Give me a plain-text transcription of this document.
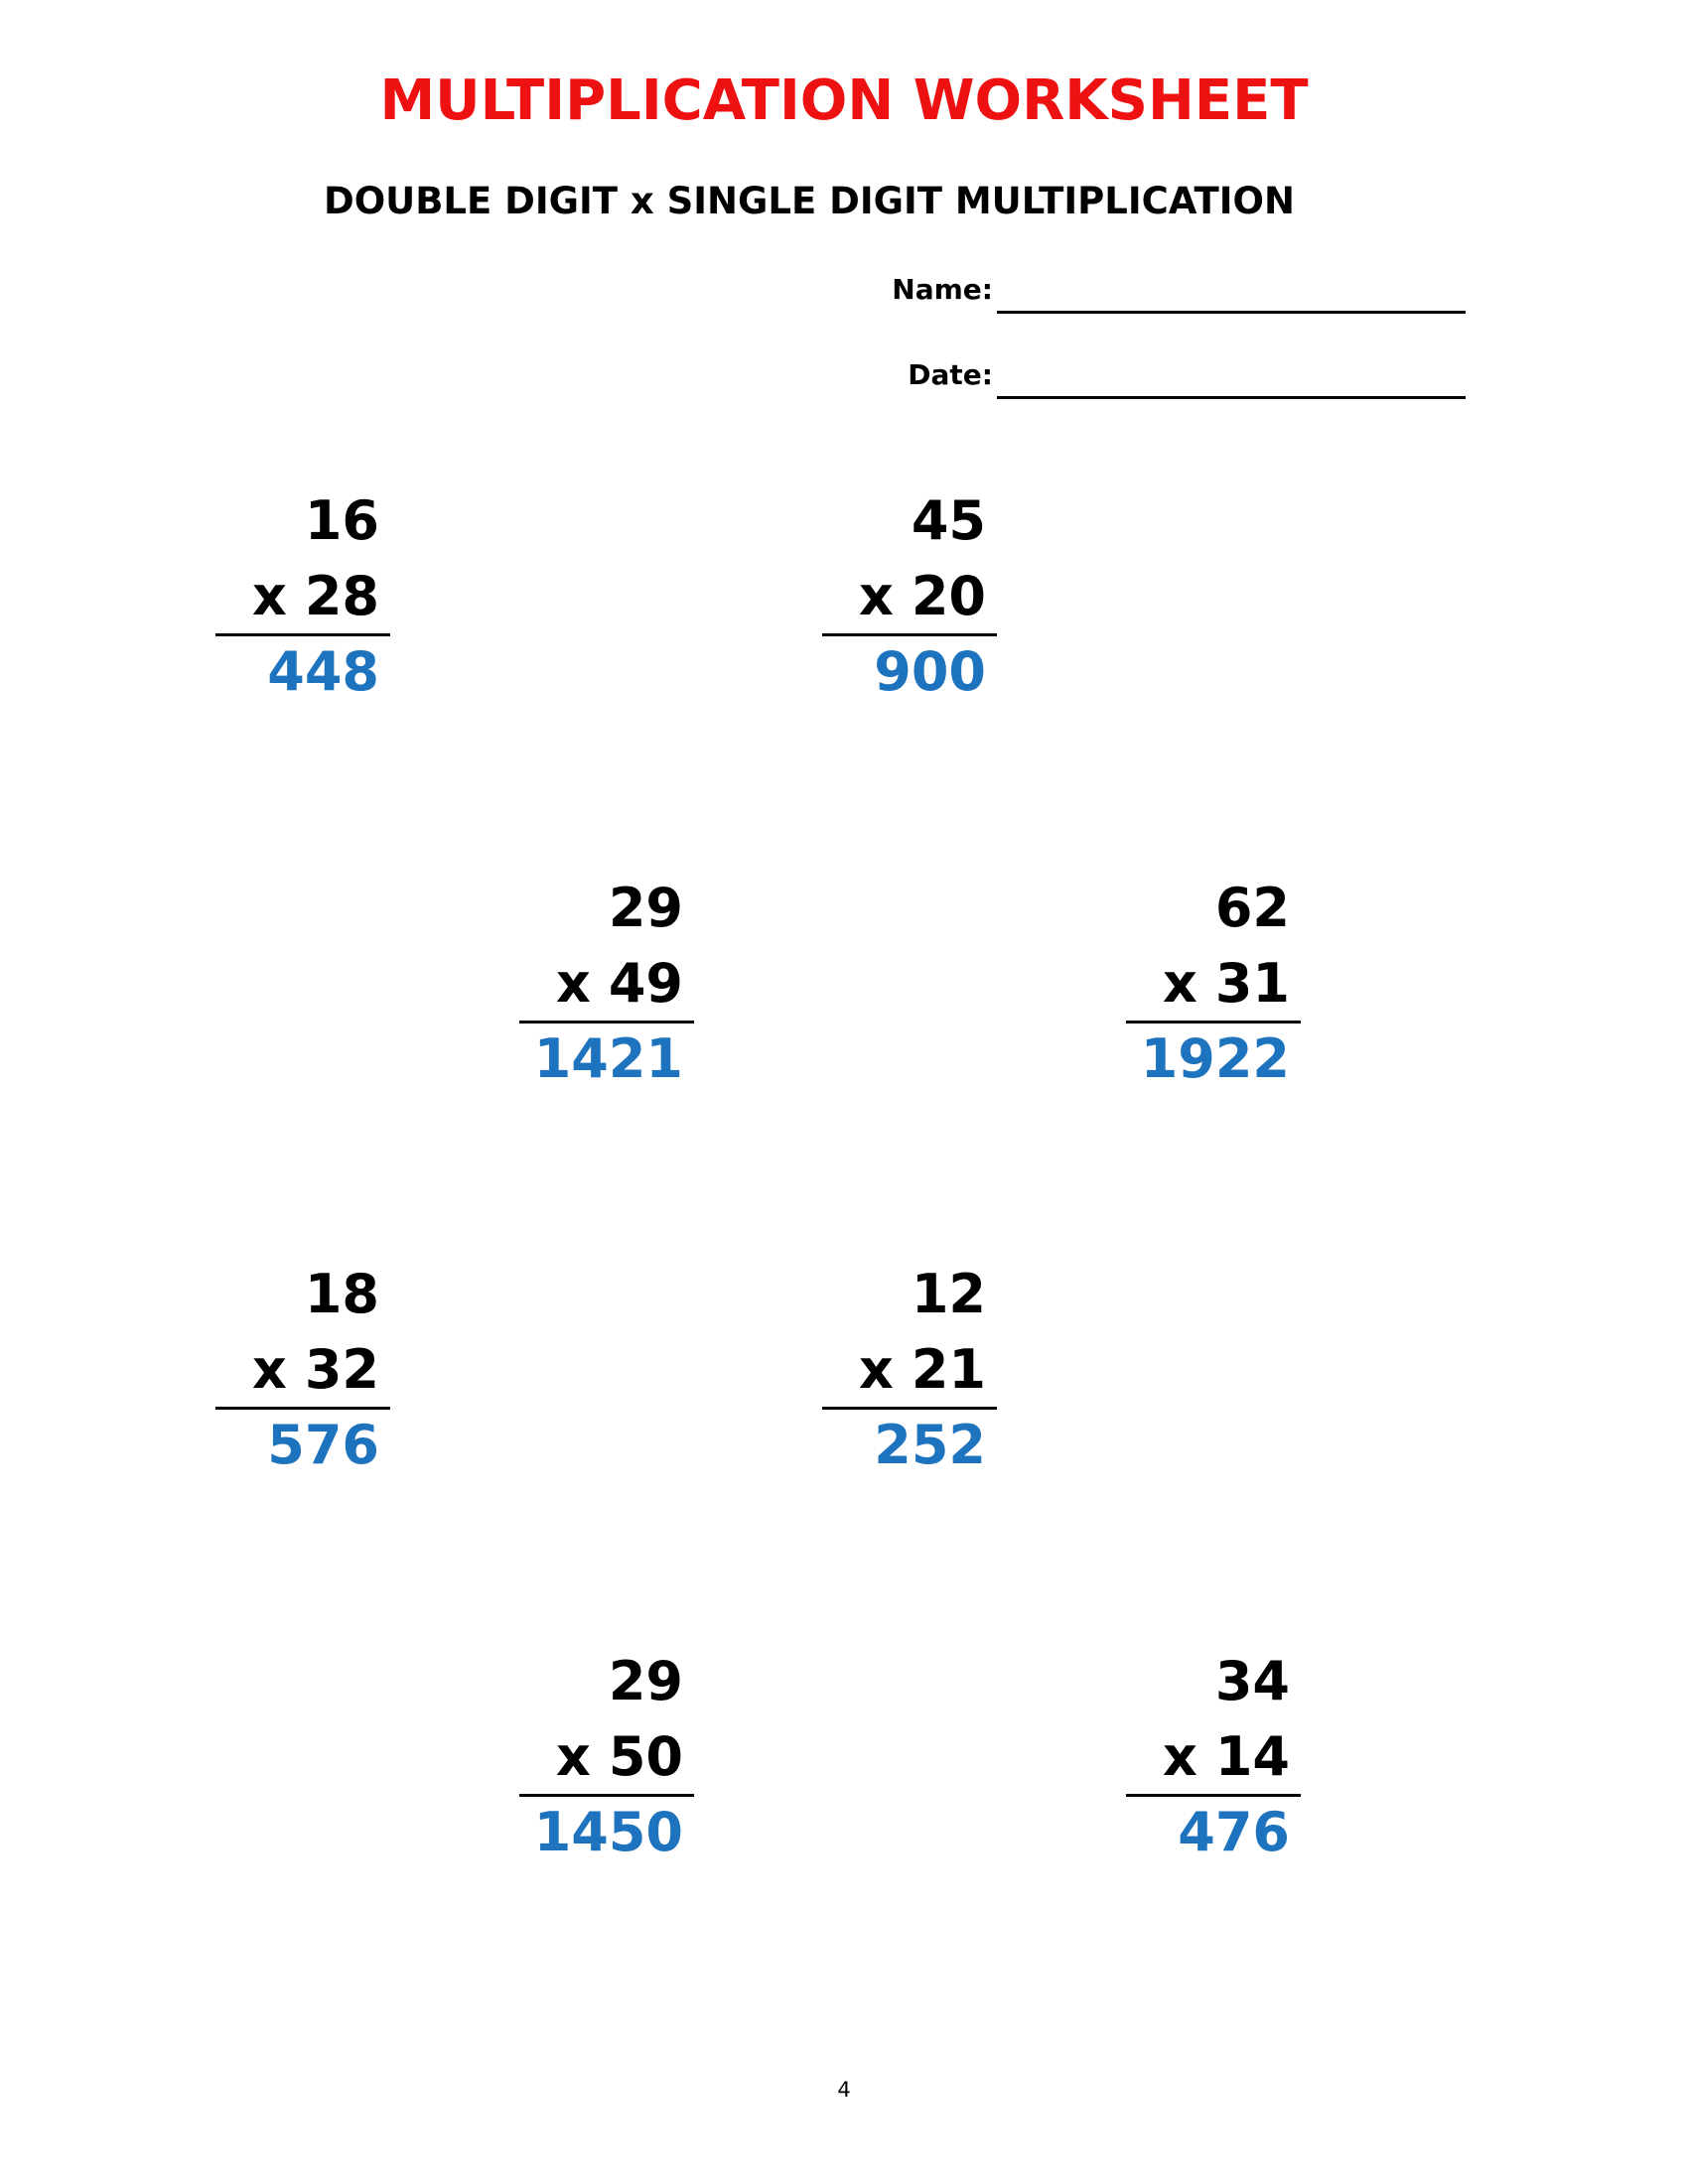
MULTIPLICATION WORKSHEET
DOUBLE DIGIT x SINGLE DIGIT MULTIPLICATION
Name:
Date:
16
x 28
448
45
x 20
900
29
x 49
1421
62
x 31
1922
18
x 32
576
12
x 21
252
29
x 50
1450
34
x 14
476
4
